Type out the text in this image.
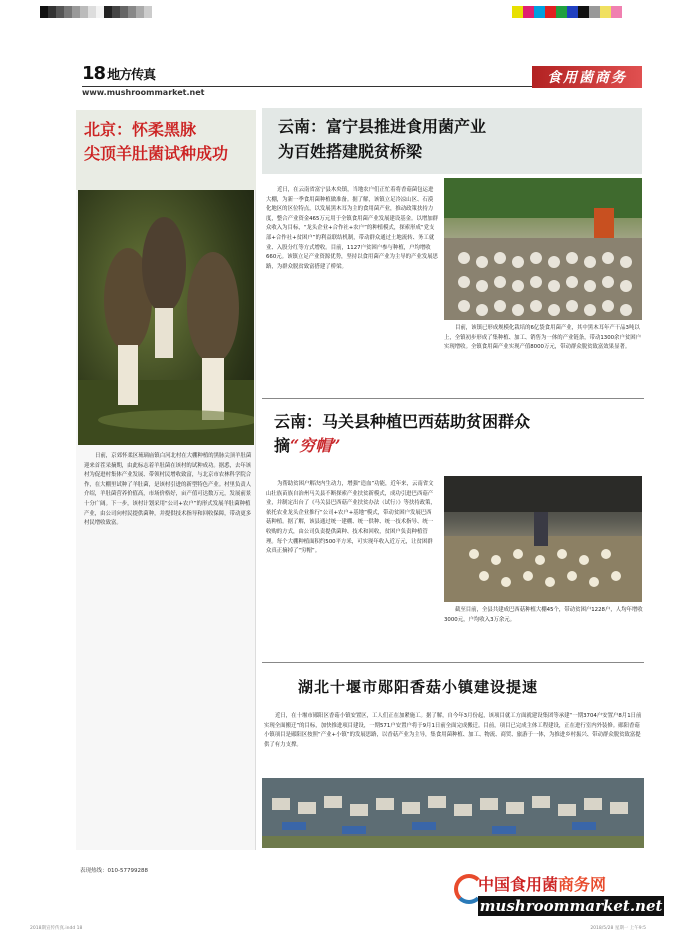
18 地方传真
www.mushroommarket.net
食用菌商务
北京：怀柔黑脉
尖顶羊肚菌试种成功
日前，京郊怀柔区琉璃庙镇白河北村在大棚种植的黑脉尖顶羊肚菌迎来首茬采摘期，由此标志着羊肚菌在该村的试种成功。据悉，去年该村为促进村集体产业发展、带领村民增收致富，与北京市农林科学院合作，在大棚里试种了羊肚菌，是该村引进的新型特色产业。村里负责人介绍，羊肚菌营养价值高，市场价格好，亩产值可达数万元，发展前景十分广阔。下一步，该村计划采用“公司+农户”的形式发展羊肚菌种植产业，由公司向村民提供菌种，并提供技术指导和回收保障，带动更多村民增收致富。
云南：富宁县推进食用菌产业
为百姓搭建脱贫桥梁
近日，在云南省富宁县木央镇，当地农户们正忙着将香菇菌包运进大棚，为新一季食用菌种植做准备。据了解，该镇立足冷凉山区、石漠化地区的区位特点，以发展黑木耳为主的食用菌产业，推动政策扶持力度，整合产业资金465万元用于全镇食用菌产业发展建设基金。以增加群众收入为目标，“龙头企业+合作社+农户”的种植模式，探索形成“党支部+合作社+贫困户”的利益联结机制，带动群众通过土地流转、务工就业、入股分红等方式增收。目前，1127户贫困户参与种植，户均增收660元。该镇立足产业资源优势，坚持以食用菌产业为主导的产业发展思路，为群众脱贫致富搭建了桥梁。
目前，该镇已形成规模化栽培的6亿袋食用菌产业，其中黑木耳年产干品3吨以上，全镇初步形成了集种植、加工、销售为一体的产业链条，带动1300余户贫困户实现增收。全镇食用菌产业实现产值8000万元，带动群众脱贫致富效果显著。
云南：马关县种植巴西菇助贫困群众
摘“穷帽”
为帮助贫困户解决内生动力，增强“造血”功能，近年来，云南省文山壮族苗族自治州马关县不断探索产业扶贫新模式，成功引进巴西菇产业，并制定出台了《马关县巴西菇产业扶贫办法（试行）》等扶持政策，依托农业龙头企业推行“公司+农户+基地”模式，带动贫困户发展巴西菇种植。据了解，该县通过统一建棚、统一供种、统一技术指导、统一收购的方式，由公司负责提供菌种、技术和回收，贫困户负责种植管理。每个大棚种植面积约500平方米，可实现年收入近万元，让贫困群众真正摘掉了“穷帽”。
截至目前，全县共建成巴西菇种植大棚45个，带动贫困户1228户，人均年增收3000元，户均收入3万余元。
湖北十堰市郧阳香菇小镇建设提速
近日，在十堰市郧阳区香菇小镇安置区，工人们正在加紧施工。据了解，自今年3月份起，该项目就工方面就建设集团等承建“一期3704户安置户8月1日前实现全面搬迁”的目标，加快推进项目建设，一期571户安置户将于9月1日前全面完成搬迁。目前，项目已完成主体工程建设，正在进行室内外装修。郧阳香菇小镇项目是郧阳区按照“产业+小镇”的发展思路，以香菇产业为主导，集食用菌种植、加工、物流、商贸、旅游于一体，为推进乡村振兴、带动群众脱贫致富提供了有力支撑。
表现热线：010-57799288
中国食用菌商务网
mushroommarket.net
2018期宣传传真.indd 18	2018/5/28 星期一 上午9:5
